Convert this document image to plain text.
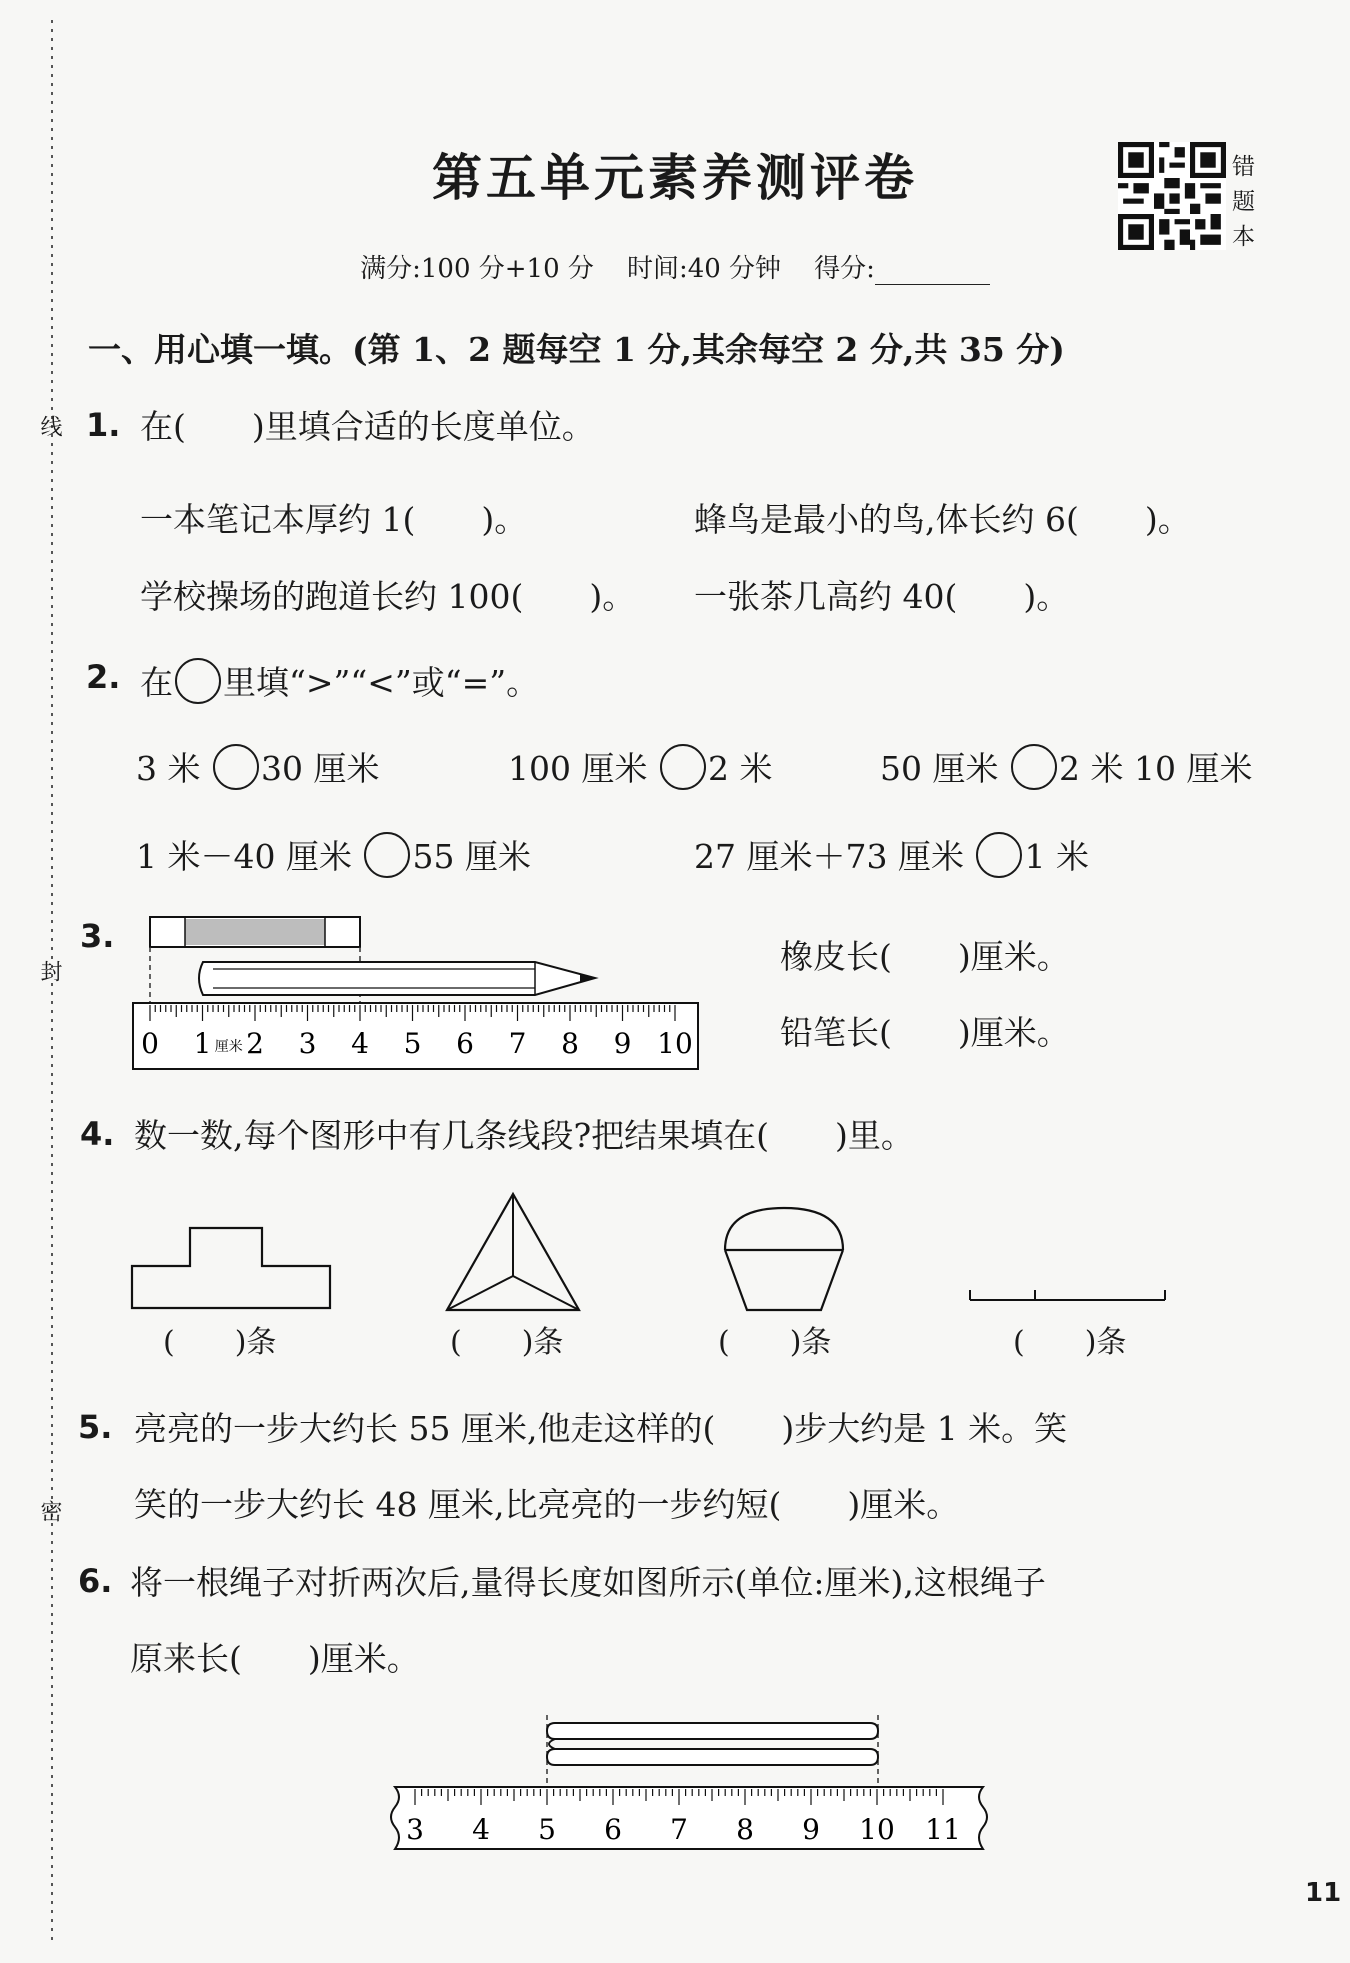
线
封
密
第五单元素养测评卷	错
题
本
满分:100 分+10 分 时间:40 分钟 得分:
一、用心填一填。(第 1、2 题每空 1 分,其余每空 2 分,共 35 分)
1. 在(　　)里填合适的长度单位。
一本笔记本厚约 1(　　)。	蜂鸟是最小的鸟,体长约 6(　　)。
学校操场的跑道长约 100(　　)。 一张茶几高约 40(　　)。
2. 在 里填“>”“<”或“=”。
3 米 30 厘米	100 厘米 2 米	50 厘米 2 米 10 厘米
1 米－40 厘米 55 厘米	27 厘米＋73 厘米 1 米
3.
0 1 2 3 4 5 6 7 8 9 10
厘米
橡皮长(　　)厘米。
铅笔长(　　)厘米。
4. 数一数,每个图形中有几条线段?把结果填在(　　)里。
(　　)条	(　　)条	(　　)条	(　　)条
5. 亮亮的一步大约长 55 厘米,他走这样的(　　)步大约是 1 米。笑
笑的一步大约长 48 厘米,比亮亮的一步约短(　　)厘米。
6. 将一根绳子对折两次后,量得长度如图所示(单位:厘米),这根绳子
原来长(　　)厘米。
3 4 5 6 7 8 9 10 11
11
